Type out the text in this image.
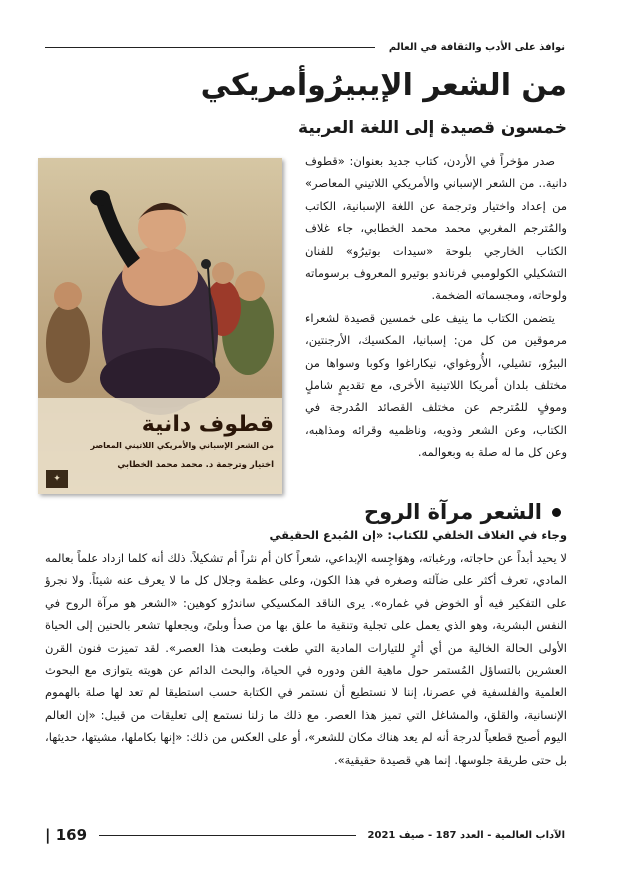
نوافذ على الأدب والثقافة في العالم
من الشعر الإيبيرُوأمريكي
خمسون قصيدة إلى اللغة العربية

صدر مؤخراً في الأردن، كتاب جديد بعنوان: «قطوف دانية.. من الشعر الإسباني والأمريكي اللاتيني المعاصر» من إعداد واختيار وترجمة عن اللغة الإسبانية، الكاتب والمُترجم المغربي محمد محمد الخطابي، جاء غلاف الكتاب الخارجي بلوحة «سيدات بوتيرُو» للفنان التشكيلي الكولومبي فرناندو بوتيرو المعروف برسوماته ولوحاته، ومجسماته الضخمة.

يتضمن الكتاب ما ينيف على خمسين قصيدة لشعراء مرموقين من كل من: إسبانيا، المكسيك، الأرجنتين، البيرُو، تشيلي، الأُروغواي، نيكاراغوا وكوبا وسواها من مختلف بلدان أمريكا اللاتينية الأخرى، مع تقديمٍ شاملٍ وموفٍ للمُترجم عن مختلف القصائد المُدرجة في الكتاب، وعن الشعر وذويه، وناظميه وقرائه ومذاهبه، وعن كل ما له صلة به وبعوالمه.

قطوف دانية
من الشعر الإسباني والأمريكي اللاتيني المعاصر
اختيار وترجمة د. محمد محمد الخطابي
✦
الشعر مرآة الروح

وجاء في الغلاف الخلفي للكتاب: «إن المُبدع الحقيقي

لا يحيد أبداً عن حاجاته، ورغباته، وهوَاجِسه الإبداعي، شعراً كان أم نثراً أم تشكيلاً. ذلك أنه كلما ازداد علماً بعالمه المادي، تعرف أكثر على ضآلته وصغره في هذا الكون، وعلى عظمة وجلال كل ما لا يعرف عنه شيئاً. ولا نجرؤ على التفكير فيه أو الخوض في غماره». يرى الناقد المكسيكي ساندرُو كوهين: «الشعر هو مرآة الروح في النفس البشرية، وهو الذي يعمل على تجلية وتنقية ما علق بها من صدأ وبلىً، ويجعلها تشعر بالحنين إلى الحياة الأولى الحالة الخالية من أي أثرٍ للتيارات المادية التي طغت وطبعت هذا العصر». لقد تميزت فنون القرن العشرين بالتساؤل المُستمر حول ماهية الفن ودوره في الحياة، والبحث الدائم عن هويته يتوازى مع البحوث العلمية والفلسفية في عصرنا، إننا لا نستطيع أن نستمر في الكتابة حسب استطيقا لم تعد لها صلة بالهموم الإنسانية، والقلق، والمشاغل التي تميز هذا العصر. مع ذلك ما زلنا نستمع إلى تعليقات من قبيل: «إن العالم اليوم أصبح قطعياً لدرجة أنه لم يعد هناك مكان للشعر»، أو على العكس من ذلك: «إنها بكاملها، مشيتها، حديثها، بل حتى طريقة جلوسها. إنما هي قصيدة حقيقية».

الآداب العالمية - العدد 187 - صيف 2021
169 |
